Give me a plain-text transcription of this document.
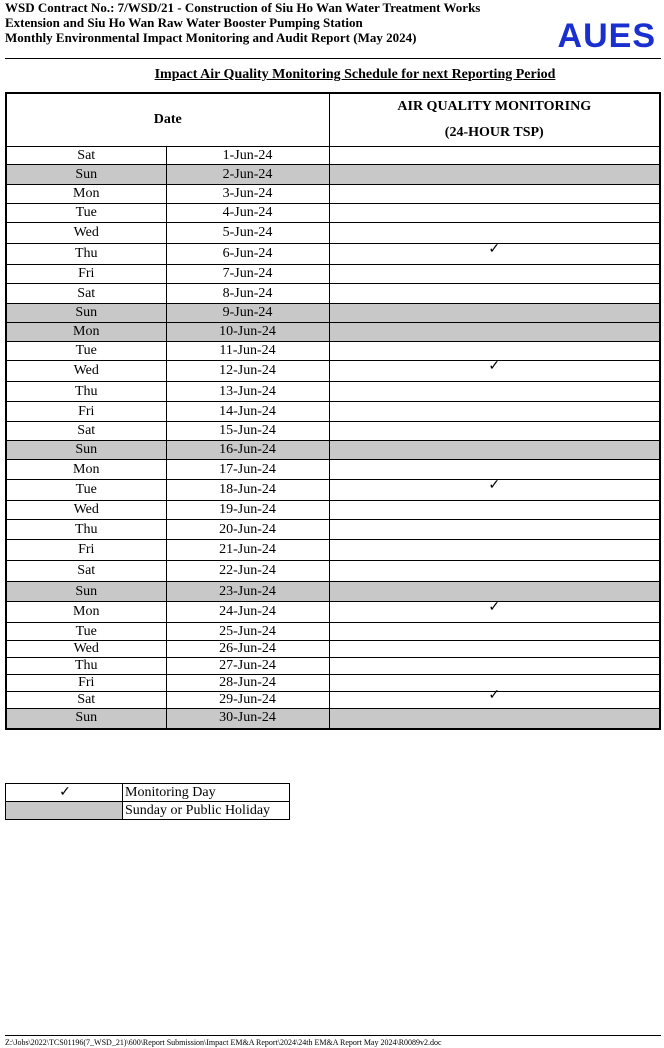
WSD Contract No.: 7/WSD/21 - Construction of Siu Ho Wan Water Treatment Works
Extension and Siu Ho Wan Raw Water Booster Pumping Station
Monthly Environmental Impact Monitoring and Audit Report (May 2024)	AUES
Impact Air Quality Monitoring Schedule for next Reporting Period
Date		AIR QUALITY MONITORING
(24-HOUR TSP)

Sat	1-Jun-24	
Sun	2-Jun-24	
Mon	3-Jun-24	
Tue	4-Jun-24	
Wed	5-Jun-24	
Thu	6-Jun-24	✓
Fri	7-Jun-24	
Sat	8-Jun-24	
Sun	9-Jun-24	
Mon	10-Jun-24	
Tue	11-Jun-24	
Wed	12-Jun-24	✓
Thu	13-Jun-24	
Fri	14-Jun-24	
Sat	15-Jun-24	
Sun	16-Jun-24	
Mon	17-Jun-24	
Tue	18-Jun-24	✓
Wed	19-Jun-24	
Thu	20-Jun-24	
Fri	21-Jun-24	
Sat	22-Jun-24	
Sun	23-Jun-24	
Mon	24-Jun-24	✓
Tue	25-Jun-24	
Wed	26-Jun-24	
Thu	27-Jun-24	
Fri	28-Jun-24	
Sat	29-Jun-24	✓
Sun	30-Jun-24	
✓	Monitoring Day
	Sunday or Public Holiday
Z:\Jobs\2022\TCS01196(7_WSD_21)\600\Report Submission\Impact EM&A Report\2024\24th EM&A Report May 2024\R0089v2.doc
